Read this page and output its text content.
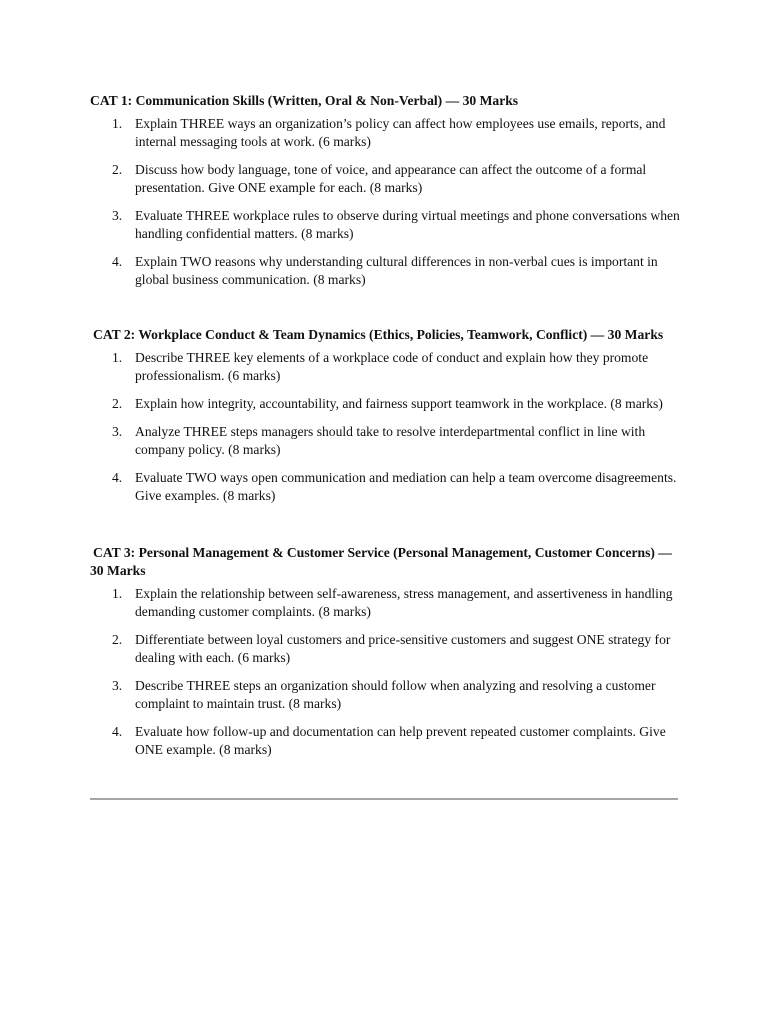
CAT 1: Communication Skills (Written, Oral & Non-Verbal) — 30 Marks
1. Explain THREE ways an organization’s policy can affect how employees use emails, reports, and internal messaging tools at work. (6 marks)
2. Discuss how body language, tone of voice, and appearance can affect the outcome of a formal presentation. Give ONE example for each. (8 marks)
3. Evaluate THREE workplace rules to observe during virtual meetings and phone conversations when handling confidential matters. (8 marks)
4. Explain TWO reasons why understanding cultural differences in non-verbal cues is important in global business communication. (8 marks)
CAT 2: Workplace Conduct & Team Dynamics (Ethics, Policies, Teamwork, Conflict) — 30 Marks
1. Describe THREE key elements of a workplace code of conduct and explain how they promote professionalism. (6 marks)
2. Explain how integrity, accountability, and fairness support teamwork in the workplace. (8 marks)
3. Analyze THREE steps managers should take to resolve interdepartmental conflict in line with company policy. (8 marks)
4. Evaluate TWO ways open communication and mediation can help a team overcome disagreements. Give examples. (8 marks)
CAT 3: Personal Management & Customer Service (Personal Management, Customer Concerns) — 30 Marks
1. Explain the relationship between self-awareness, stress management, and assertiveness in handling demanding customer complaints. (8 marks)
2. Differentiate between loyal customers and price-sensitive customers and suggest ONE strategy for dealing with each. (6 marks)
3. Describe THREE steps an organization should follow when analyzing and resolving a customer complaint to maintain trust. (8 marks)
4. Evaluate how follow-up and documentation can help prevent repeated customer complaints. Give ONE example. (8 marks)
